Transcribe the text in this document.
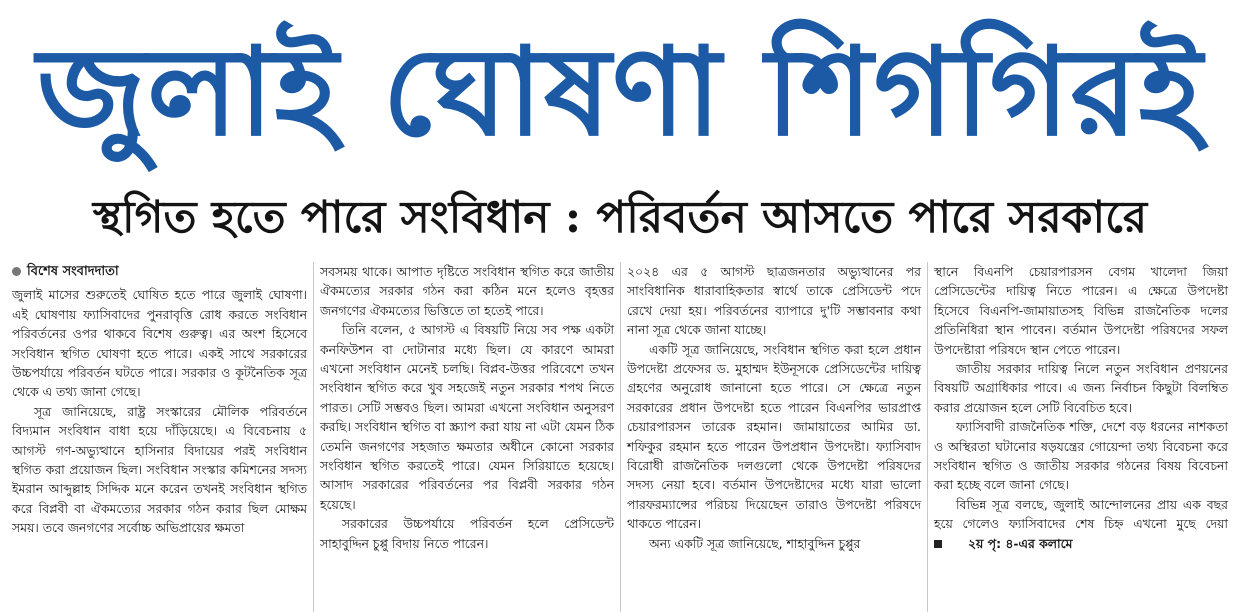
জুলাই ঘোষণা শিগগিরই
স্থগিত হতে পারে সংবিধান : পরিবর্তন আসতে পারে সরকারে
বিশেষ সংবাদদাতা

জুলাই মাসের শুরুতেই ঘোষিত হতে পারে জুলাই ঘোষণা। এই ঘোষণায় ফ্যাসিবাদের পুনরাবৃত্তি রোধ করতে সংবিধান পরিবর্তনের ওপর থাকবে বিশেষ গুরুত্ব। এর অংশ হিসেবে সংবিধান স্থগিত ঘোষণা হতে পারে। একই সাথে সরকারের উচ্চপর্যায়ে পরিবর্তন ঘটতে পারে। সরকার ও কূটনৈতিক সূত্র থেকে এ তথ্য জানা গেছে।

সূত্র জানিয়েছে, রাষ্ট্র সংস্কারের মৌলিক পরিবর্তনে বিদ্যমান সংবিধান বাধা হয়ে দাঁড়িয়েছে। এ বিবেচনায় ৫ আগস্ট গণ-অভ্যুত্থানে হাসিনার বিদায়ের পরই সংবিধান স্থগিত করা প্রয়োজন ছিল। সংবিধান সংস্কার কমিশনের সদস্য ইমরান আব্দুল্লাহ সিদ্দিক মনে করেন তখনই সংবিধান স্থগিত করে বিপ্লবী বা ঐকমত্যের সরকার গঠন করার ছিল মোক্ষম সময়। তবে জনগণের সর্বোচ্চ অভিপ্রায়ের ক্ষমতা

সবসময় থাকে। আপাত দৃষ্টিতে সংবিধান স্থগিত করে জাতীয় ঐকমত্যের সরকার গঠন করা কঠিন মনে হলেও বৃহত্তর জনগণের ঐকমত্যের ভিত্তিতে তা হতেই পারে।

তিনি বলেন, ৫ আগস্ট এ বিষয়টি নিয়ে সব পক্ষ একটা কনফিউশন বা দোটানার মধ্যে ছিল। যে কারণে আমরা এখনো সংবিধান মেনেই চলছি। বিপ্লব-উত্তর পরিবেশে তখন সংবিধান স্থগিত করে খুব সহজেই নতুন সরকার শপথ নিতে পারত। সেটি সম্ভবও ছিল। আমরা এখনো সংবিধান অনুসরণ করছি। সংবিধান স্থগিত বা স্ক্র্যাপ করা যায় না এটা যেমন ঠিক তেমনি জনগণের সহজাত ক্ষমতার অধীনে কোনো সরকার সংবিধান স্থগিত করতেই পারে। যেমন সিরিয়াতে হয়েছে। আসাদ সরকারের পরিবর্তনের পর বিপ্লবী সরকার গঠন হয়েছে।

সরকারের উচ্চপর্যায়ে পরিবর্তন হলে প্রেসিডেন্ট সাহাবুদ্দিন চুপ্পু বিদায় নিতে পারেন।

২০২৪ এর ৫ আগস্ট ছাত্রজনতার অভ্যুত্থানের পর সাংবিধানিক ধারাবাহিকতার স্বার্থে তাকে প্রেসিডেন্ট পদে রেখে দেয়া হয়। পরিবর্তনের ব্যাপারে দু'টি সম্ভাবনার কথা নানা সূত্র থেকে জানা যাচ্ছে।

একটি সূত্র জানিয়েছে, সংবিধান স্থগিত করা হলে প্রধান উপদেষ্টা প্রফেসর ড. মুহাম্মদ ইউনূসকে প্রেসিডেন্টের দায়িত্ব গ্রহণের অনুরোধ জানানো হতে পারে। সে ক্ষেত্রে নতুন সরকারের প্রধান উপদেষ্টা হতে পারেন বিএনপির ভারপ্রাপ্ত চেয়ারপারসন তারেক রহমান। জামায়াতের আমির ডা. শফিকুর রহমান হতে পারেন উপপ্রধান উপদেষ্টা। ফ্যাসিবাদ বিরোধী রাজনৈতিক দলগুলো থেকে উপদেষ্টা পরিষদের সদস্য নেয়া হবে। বর্তমান উপদেষ্টাদের মধ্যে যারা ভালো পারফরম্যান্সের পরিচয় দিয়েছেন তারাও উপদেষ্টা পরিষদে থাকতে পারেন।

অন্য একটি সূত্র জানিয়েছে, শাহাবুদ্দিন চুপ্পুর

স্থানে বিএনপি চেয়ারপারসন বেগম খালেদা জিয়া প্রেসিডেন্টের দায়িত্ব নিতে পারেন। এ ক্ষেত্রে উপদেষ্টা হিসেবে বিএনপি-জামায়াতসহ বিভিন্ন রাজনৈতিক দলের প্রতিনিধিরা স্থান পাবেন। বর্তমান উপদেষ্টা পরিষদের সফল উপদেষ্টারা পরিষদে স্থান পেতে পারেন।

জাতীয় সরকার দায়িত্ব নিলে নতুন সংবিধান প্রণয়নের বিষয়টি অগ্রাধিকার পাবে। এ জন্য নির্বাচন কিছুটা বিলম্বিত করার প্রয়োজন হলে সেটি বিবেচিত হবে।

ফ্যাসিবাদী রাজনৈতিক শক্তি, দেশে বড় ধরনের নাশকতা ও অস্থিরতা ঘটানোর ষড়যন্ত্রের গোয়েন্দা তথ্য বিবেচনা করে সংবিধান স্থগিত ও জাতীয় সরকার গঠনের বিষয় বিবেচনা করা হচ্ছে বলে জানা গেছে।

বিভিন্ন সূত্র বলছে, জুলাই আন্দোলনের প্রায় এক বছর হয়ে গেলেও ফ্যাসিবাদের শেষ চিহ্ন এখনো মুছে দেয়া
২য় পৃ: ৪-এর কলামে
